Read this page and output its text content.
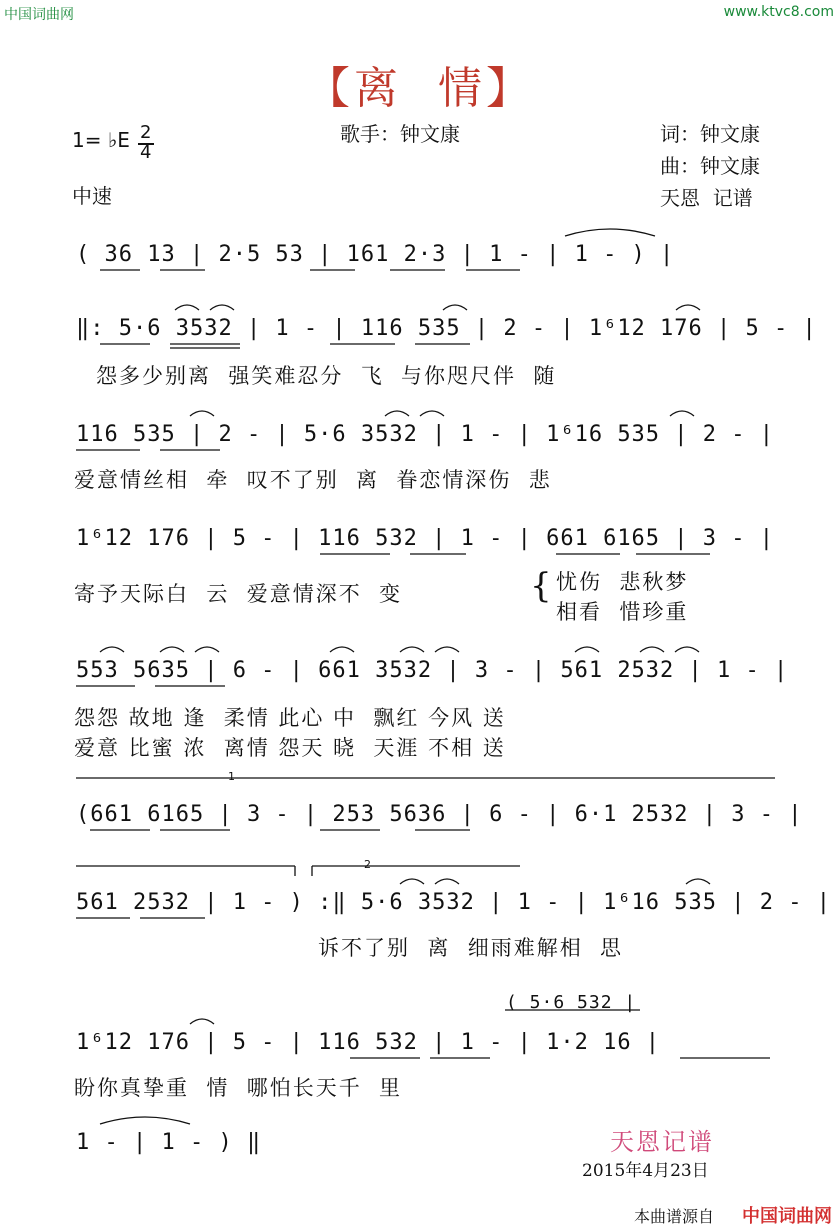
中国词曲网	www.ktvc8.com
【离  情】
歌手：钟文康
1= ♭E 2
4
中速
词：钟文康
曲：钟文康
天恩  记谱
( 36 13 | 2·5 53 | 161 2·3 | 1 - | 1 - ) |
‖: 5·6 3532 | 1 - | 116 535 | 2 - | 1⁶12 176 | 5 - |
怨多少别离  强笑难忍分  飞  与你咫尺伴  随
116 535 | 2 - | 5·6 3532 | 1 - | 1⁶16 535 | 2 - |
爱意情丝相  牵  叹不了别  离  眷恋情深伤  悲
1⁶12 176 | 5 - | 116 532 | 1 - | 661 6165 | 3 - |
寄予天际白  云  爱意情深不  变	{ 忧伤  悲秋梦
相看  惜珍重
553 5635 | 6 - | 661 3532 | 3 - | 561 2532 | 1 - |
怨怨 故地 逢  柔情 此心 中  飘红 今风 送
爱意 比蜜 浓  离情 怨天 晓  天涯 不相 送
1
(661 6165 | 3 - | 253 5636 | 6 - | 6·1 2532 | 3 - |
2
561 2532 | 1 - ) :‖ 5·6 3532 | 1 - | 1⁶16 535 | 2 - |
诉不了别  离  细雨难解相  思
( 5·6 532 |
1⁶12 176 | 5 - | 116 532 | 1 - | 1·2 16 |
盼你真挚重  情  哪怕长天千  里
1 - | 1 - ) ‖	天恩记谱
2015年4月23日
本曲谱源自 中国词曲网
